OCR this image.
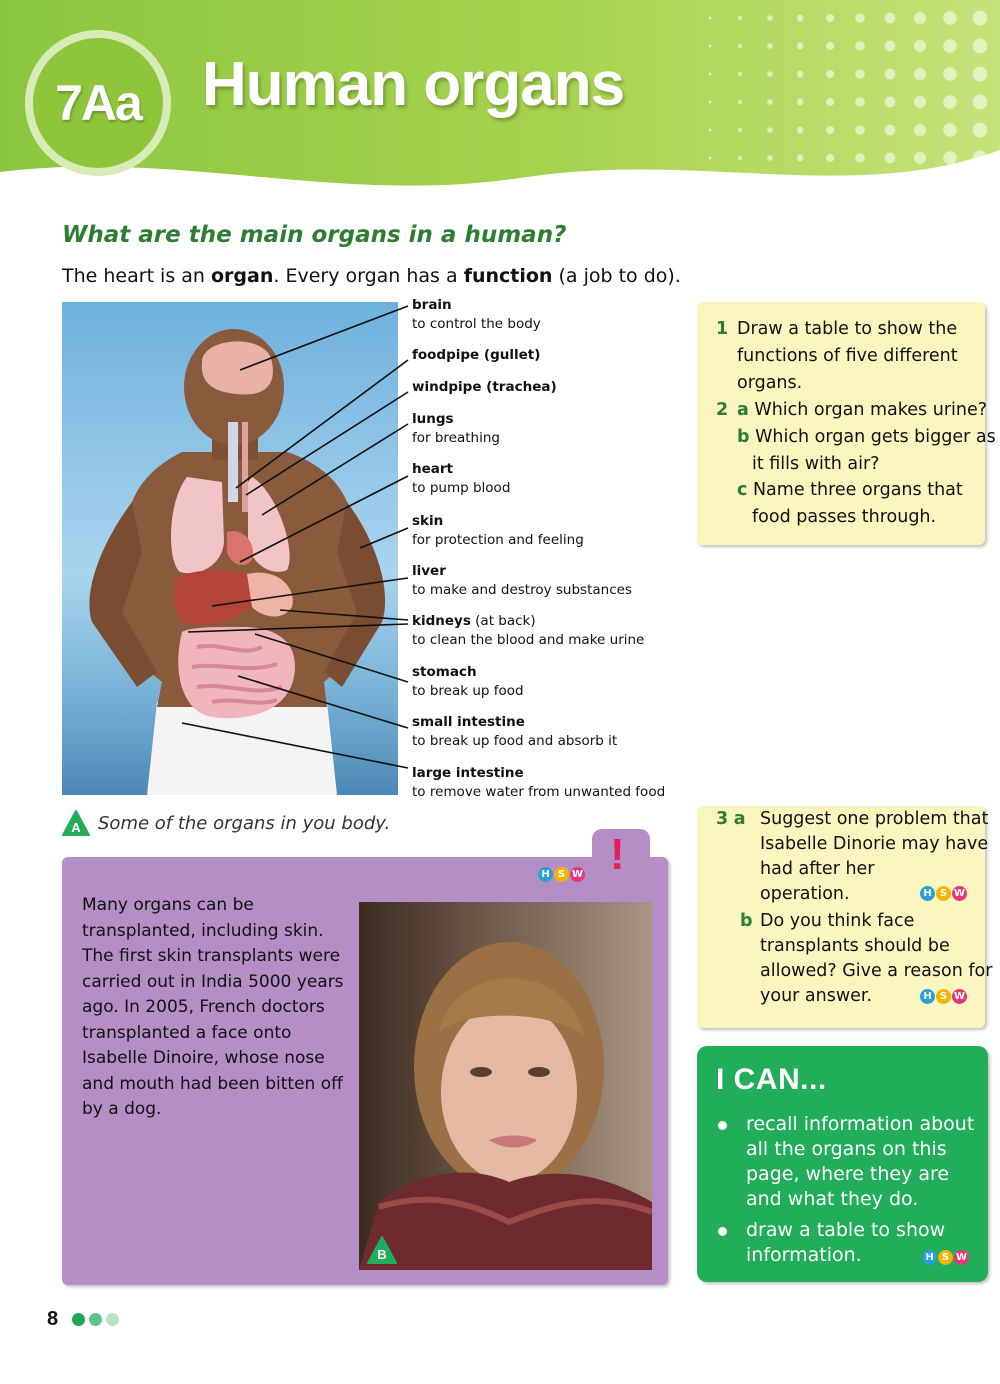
7Aa Human organs
What are the main organs in a human?

The heart is an organ. Every organ has a function (a job to do).

brain
to control the body
foodpipe (gullet)
windpipe (trachea)
lungs
for breathing
heart
to pump blood
skin
for protection and feeling
liver
to make and destroy substances
kidneys (at back)
to clean the blood and make urine
stomach
to break up food
small intestine
to break up food and absorb it
large intestine
to remove water from unwanted food
A Some of the organs in you body.
1 Draw a table to show the
functions of five different
organs.
2 a Which organ makes urine?
b Which organ gets bigger as
it fills with air?
c Name three organs that
food passes through.
3 a Suggest one problem that
Isabelle Dinorie may have
had after her
operation.
b Do you think face
transplants should be
allowed? Give a reason for
your answer.
H S W
H S W
!
H S W
Many organs can be
transplanted, including skin.
The first skin transplants were
carried out in India 5000 years
ago. In 2005, French doctors
transplanted a face onto
Isabelle Dinoire, whose nose
and mouth had been bitten off
by a dog.
B
I CAN...
recall information about
all the organs on this
page, where they are
and what they do.
draw a table to show
information.	H S W
8
